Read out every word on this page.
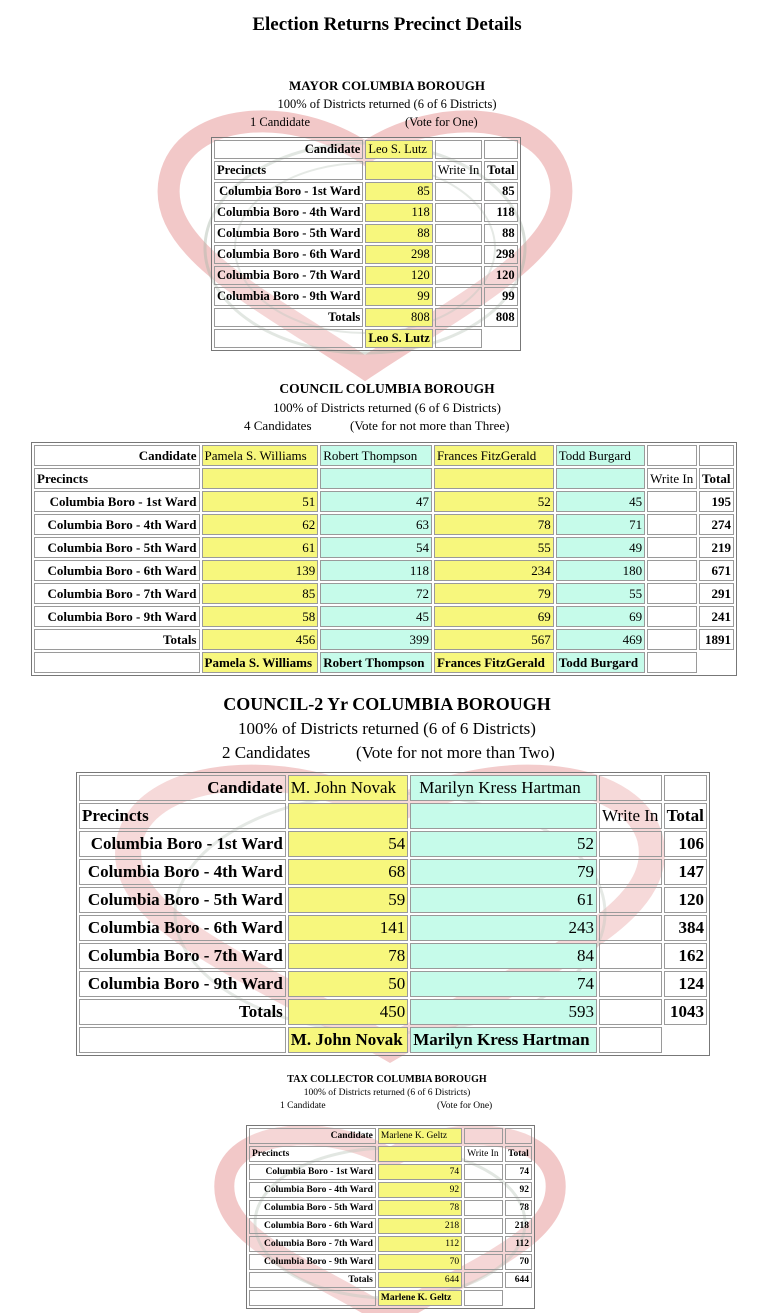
Election Returns Precinct Details
MAYOR COLUMBIA BOROUGH
100% of Districts returned (6 of 6 Districts)
1 Candidate	(Vote for One)
Candidate	Leo S. Lutz		
Precincts		Write In	Total
Columbia Boro - 1st Ward	85		85
Columbia Boro - 4th Ward	118		118
Columbia Boro - 5th Ward	88		88
Columbia Boro - 6th Ward	298		298
Columbia Boro - 7th Ward	120		120
Columbia Boro - 9th Ward	99		99
Totals	808		808
	Leo S. Lutz		
COUNCIL COLUMBIA BOROUGH
100% of Districts returned (6 of 6 Districts)
4 Candidates	(Vote for not more than Three)
Candidate	Pamela S. Williams	Robert Thompson	Frances FitzGerald	Todd Burgard		
Precincts					Write In	Total
Columbia Boro - 1st Ward	51	47	52	45		195
Columbia Boro - 4th Ward	62	63	78	71		274
Columbia Boro - 5th Ward	61	54	55	49		219
Columbia Boro - 6th Ward	139	118	234	180		671
Columbia Boro - 7th Ward	85	72	79	55		291
Columbia Boro - 9th Ward	58	45	69	69		241
Totals	456	399	567	469		1891
	Pamela S. Williams	Robert Thompson	Frances FitzGerald	Todd Burgard		
COUNCIL-2 Yr COLUMBIA BOROUGH
100% of Districts returned (6 of 6 Districts)
2 Candidates	(Vote for not more than Two)
Candidate	M. John Novak	Marilyn Kress Hartman		
Precincts			Write In	Total
Columbia Boro - 1st Ward	54	52		106
Columbia Boro - 4th Ward	68	79		147
Columbia Boro - 5th Ward	59	61		120
Columbia Boro - 6th Ward	141	243		384
Columbia Boro - 7th Ward	78	84		162
Columbia Boro - 9th Ward	50	74		124
Totals	450	593		1043
	M. John Novak	Marilyn Kress Hartman		
TAX COLLECTOR COLUMBIA BOROUGH
100% of Districts returned (6 of 6 Districts)
1 Candidate	(Vote for One)
Candidate	Marlene K. Geltz		
Precincts		Write In	Total
Columbia Boro - 1st Ward	74		74
Columbia Boro - 4th Ward	92		92
Columbia Boro - 5th Ward	78		78
Columbia Boro - 6th Ward	218		218
Columbia Boro - 7th Ward	112		112
Columbia Boro - 9th Ward	70		70
Totals	644		644
	Marlene K. Geltz		
